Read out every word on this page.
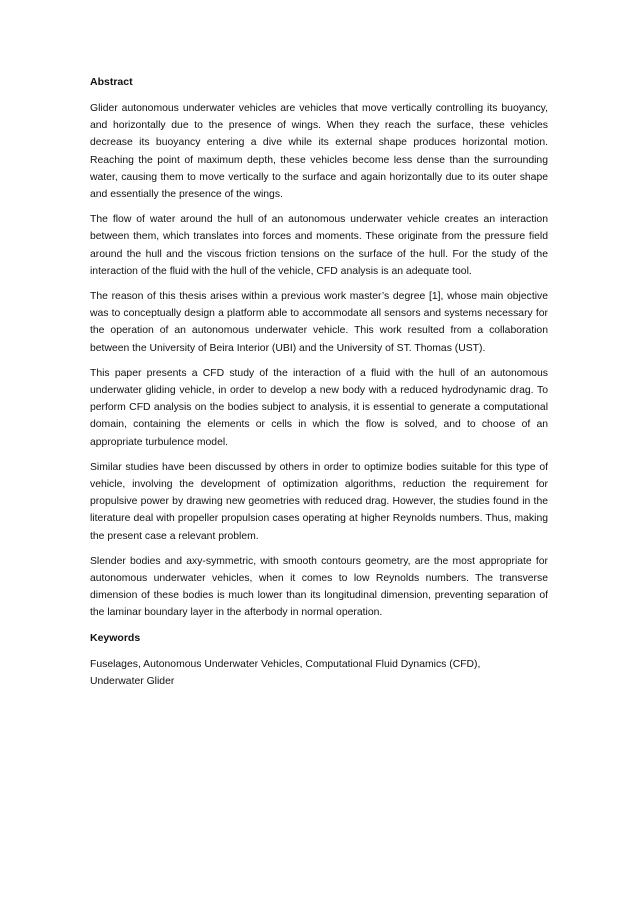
Abstract

Glider autonomous underwater vehicles are vehicles that move vertically controlling its buoyancy, and horizontally due to the presence of wings. When they reach the surface, these vehicles decrease its buoyancy entering a dive while its external shape produces horizontal motion. Reaching the point of maximum depth, these vehicles become less dense than the surrounding water, causing them to move vertically to the surface and again horizontally due to its outer shape and essentially the presence of the wings.

The flow of water around the hull of an autonomous underwater vehicle creates an interaction between them, which translates into forces and moments. These originate from the pressure field around the hull and the viscous friction tensions on the surface of the hull. For the study of the interaction of the fluid with the hull of the vehicle, CFD analysis is an adequate tool.

The reason of this thesis arises within a previous work master’s degree [1], whose main objective was to conceptually design a platform able to accommodate all sensors and systems necessary for the operation of an autonomous underwater vehicle. This work resulted from a collaboration between the University of Beira Interior (UBI) and the University of ST. Thomas (UST).

This paper presents a CFD study of the interaction of a fluid with the hull of an autonomous underwater gliding vehicle, in order to develop a new body with a reduced hydrodynamic drag. To perform CFD analysis on the bodies subject to analysis, it is essential to generate a computational domain, containing the elements or cells in which the flow is solved, and to choose of an appropriate turbulence model.

Similar studies have been discussed by others in order to optimize bodies suitable for this type of vehicle, involving the development of optimization algorithms, reduction the requirement for propulsive power by drawing new geometries with reduced drag. However, the studies found in the literature deal with propeller propulsion cases operating at higher Reynolds numbers. Thus, making the present case a relevant problem.

Slender bodies and axy-symmetric, with smooth contours geometry, are the most appropriate for autonomous underwater vehicles, when it comes to low Reynolds numbers. The transverse dimension of these bodies is much lower than its longitudinal dimension, preventing separation of the laminar boundary layer in the afterbody in normal operation.

Keywords
Fuselages, Autonomous Underwater Vehicles, Computational Fluid Dynamics (CFD),
Underwater Glider
